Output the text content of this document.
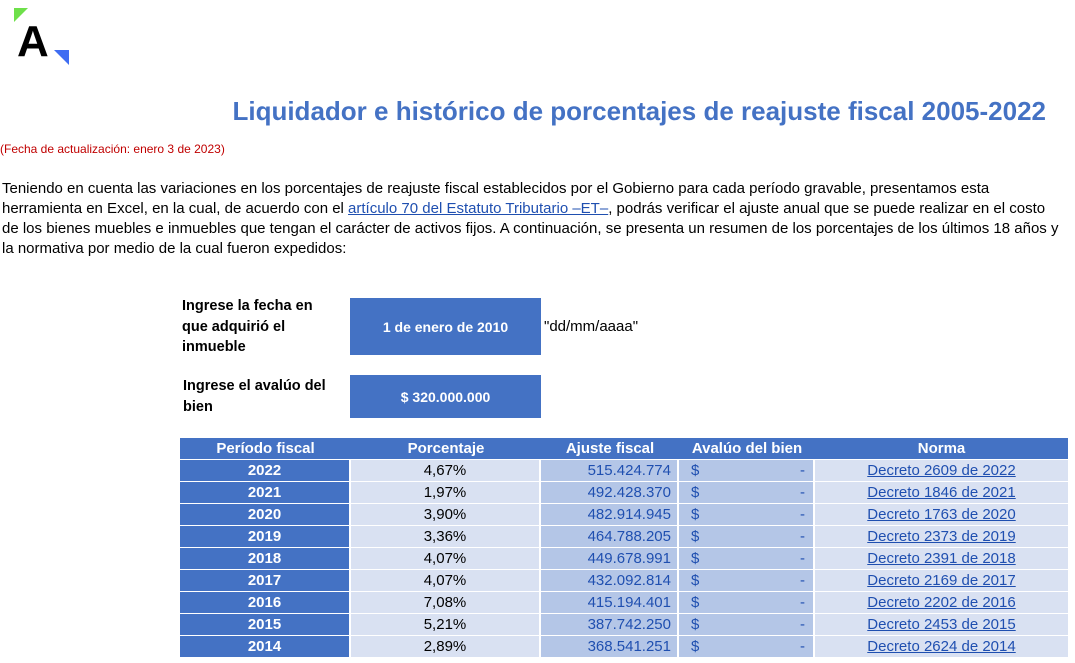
A
Liquidador e histórico de porcentajes de reajuste fiscal 2005-2022
(Fecha de actualización: enero 3 de 2023)
Teniendo en cuenta las variaciones en los porcentajes de reajuste fiscal establecidos por el Gobierno para cada período gravable, presentamos esta herramienta en Excel, en la cual, de acuerdo con el artículo 70 del Estatuto Tributario –ET–, podrás verificar el ajuste anual que se puede realizar en el costo de los bienes muebles e inmuebles que tengan el carácter de activos fijos. A continuación, se presenta un resumen de los porcentajes de los últimos 18 años y la normativa por medio de la cual fueron expedidos:
Ingrese la fecha en que adquirió el inmueble
1 de enero de 2010	"dd/mm/aaaa"
Ingrese el avalúo del bien
$ 320.000.000
Período fiscal	Porcentaje	Ajuste fiscal	Avalúo del bien	Norma
2022	4,67%	515.424.774	$	-	Decreto 2609 de 2022
2021	1,97%	492.428.370	$	-	Decreto 1846 de 2021
2020	3,90%	482.914.945	$	-	Decreto 1763 de 2020
2019	3,36%	464.788.205	$	-	Decreto 2373 de 2019
2018	4,07%	449.678.991	$	-	Decreto 2391 de 2018
2017	4,07%	432.092.814	$	-	Decreto 2169 de 2017
2016	7,08%	415.194.401	$	-	Decreto 2202 de 2016
2015	5,21%	387.742.250	$	-	Decreto 2453 de 2015
2014	2,89%	368.541.251	$	-	Decreto 2624 de 2014
